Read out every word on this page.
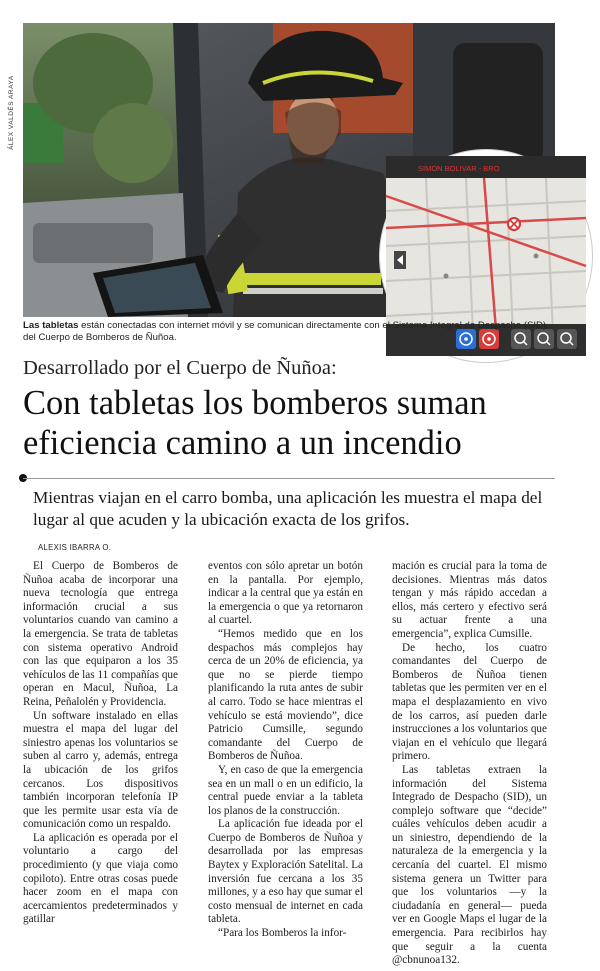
ÁLEX VALDÉS ARAYA
SIMON BOLIVAR - BRO
Las tabletas están conectadas con internet móvil y se comunican directamente con el Sistema Integral de Despacho (SID) del Cuerpo de Bomberos de Ñuñoa.
Desarrollado por el Cuerpo de Ñuñoa:
Con tabletas los bomberos suman eficiencia camino a un incendio
Mientras viajan en el carro bomba, una aplicación les muestra el mapa del lugar al que acuden y la ubicación exacta de los grifos.
ALEXIS IBARRA O.

El Cuerpo de Bomberos de Ñuñoa acaba de incorporar una nueva tecnología que entrega información crucial a sus voluntarios cuando van camino a la emergencia. Se trata de tabletas con sistema operativo Android con las que equiparon a los 35 vehículos de las 11 compañías que operan en Macul, Ñuñoa, La Reina, Peñalolén y Providencia.

Un software instalado en ellas muestra el mapa del lugar del siniestro apenas los voluntarios se suben al carro y, además, entrega la ubicación de los grifos cercanos. Los dispositivos también incorporan telefonía IP que les permite usar esta vía de comunicación como un respaldo.

La aplicación es operada por el voluntario a cargo del procedimiento (y que viaja como copiloto). Entre otras cosas puede hacer zoom en el mapa con acercamientos predeterminados y gatillar

eventos con sólo apretar un botón en la pantalla. Por ejemplo, indicar a la central que ya están en la emergencia o que ya retornaron al cuartel.

“Hemos medido que en los despachos más complejos hay cerca de un 20% de eficiencia, ya que no se pierde tiempo planificando la ruta antes de subir al carro. Todo se hace mientras el vehículo se está moviendo”, dice Patricio Cumsille, segundo comandante del Cuerpo de Bomberos de Ñuñoa.

Y, en caso de que la emergencia sea en un mall o en un edificio, la central puede enviar a la tableta los planos de la construcción.

La aplicación fue ideada por el Cuerpo de Bomberos de Ñuñoa y desarrollada por las empresas Baytex y Exploración Satelital. La inversión fue cercana a los 35 millones, y a eso hay que sumar el costo mensual de internet en cada tableta.

“Para los Bomberos la infor-

mación es crucial para la toma de decisiones. Mientras más datos tengan y más rápido accedan a ellos, más certero y efectivo será su actuar frente a una emergencia”, explica Cumsille.

De hecho, los cuatro comandantes del Cuerpo de Bomberos de Ñuñoa tienen tabletas que les permiten ver en el mapa el desplazamiento en vivo de los carros, así pueden darle instrucciones a los voluntarios que viajan en el vehículo que llegará primero.

Las tabletas extraen la información del Sistema Integrado de Despacho (SID), un complejo software que “decide” cuáles vehículos deben acudir a un siniestro, dependiendo de la naturaleza de la emergencia y la cercanía del cuartel. El mismo sistema genera un Twitter para que los voluntarios —y la ciudadanía en general— pueda ver en Google Maps el lugar de la emergencia. Para recibirlos hay que seguir a la cuenta @cbnunoa132.
